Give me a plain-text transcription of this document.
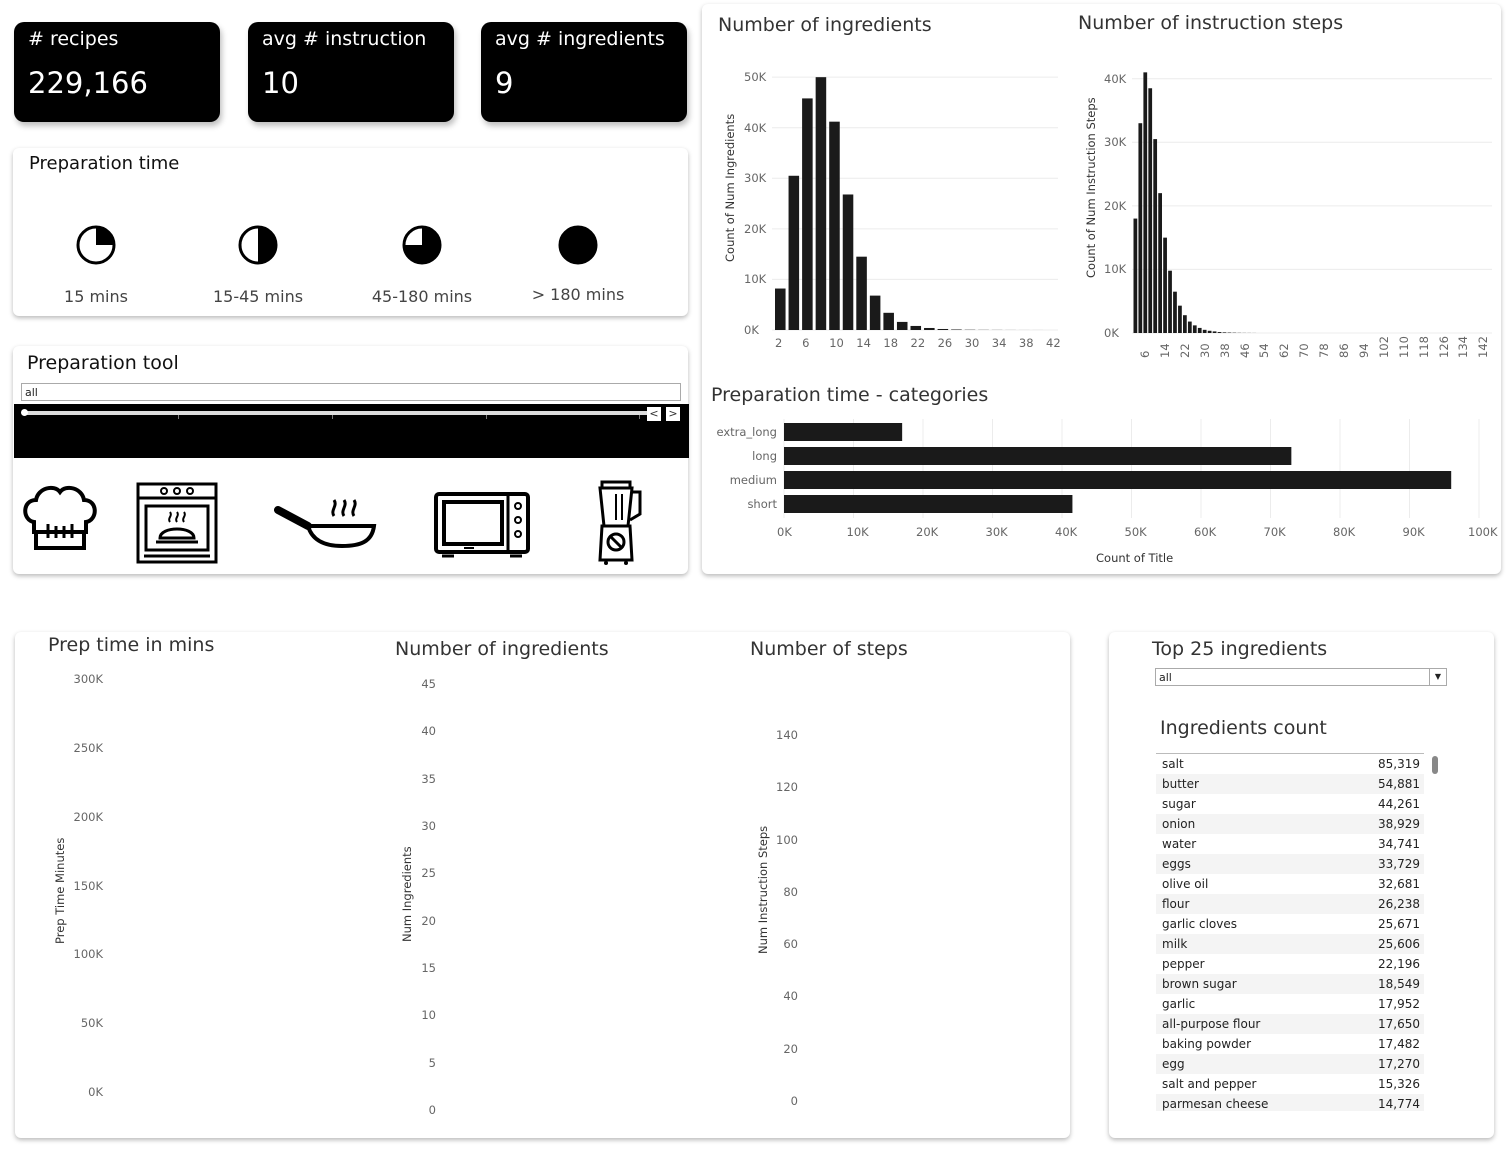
# recipes
229,166
avg # instruction
10
avg # ingredients
9
Preparation time
15 mins	15-45 mins	45-180 mins	> 180 mins
Preparation tool
all
< >
Number of ingredients	Number of instruction steps
Preparation time - categories
Count of Num Ingredients	Count of Num Instruction Steps
Count of Title
0K
10K
20K
30K
40K
50K
2 6 10 14 18 22 26 30 34 38 42
0K
10K
20K
30K
40K
6 14 22 30 38 46 54 62 70 78 86 94 102 110 118 126 134 142
0K	10K	20K	30K	40K	50K	60K	70K	80K	90K	100K
extra_long
long
medium
short
Prep time in mins	Number of ingredients	Number of steps
Prep Time Minutes	Num Ingredients	Num Instruction Steps
0K
50K
100K
150K
200K
250K
300K
0
5
10
15
20
25
30
35
40
45
0
20
40
60
80
100
120
140
Top 25 ingredients
all	▼
Ingredients count
salt	85,319
butter	54,881
sugar	44,261
onion	38,929
water	34,741
eggs	33,729
olive oil	32,681
flour	26,238
garlic cloves	25,671
milk	25,606
pepper	22,196
brown sugar	18,549
garlic	17,952
all-purpose flour	17,650
baking powder	17,482
egg	17,270
salt and pepper	15,326
parmesan cheese	14,774
